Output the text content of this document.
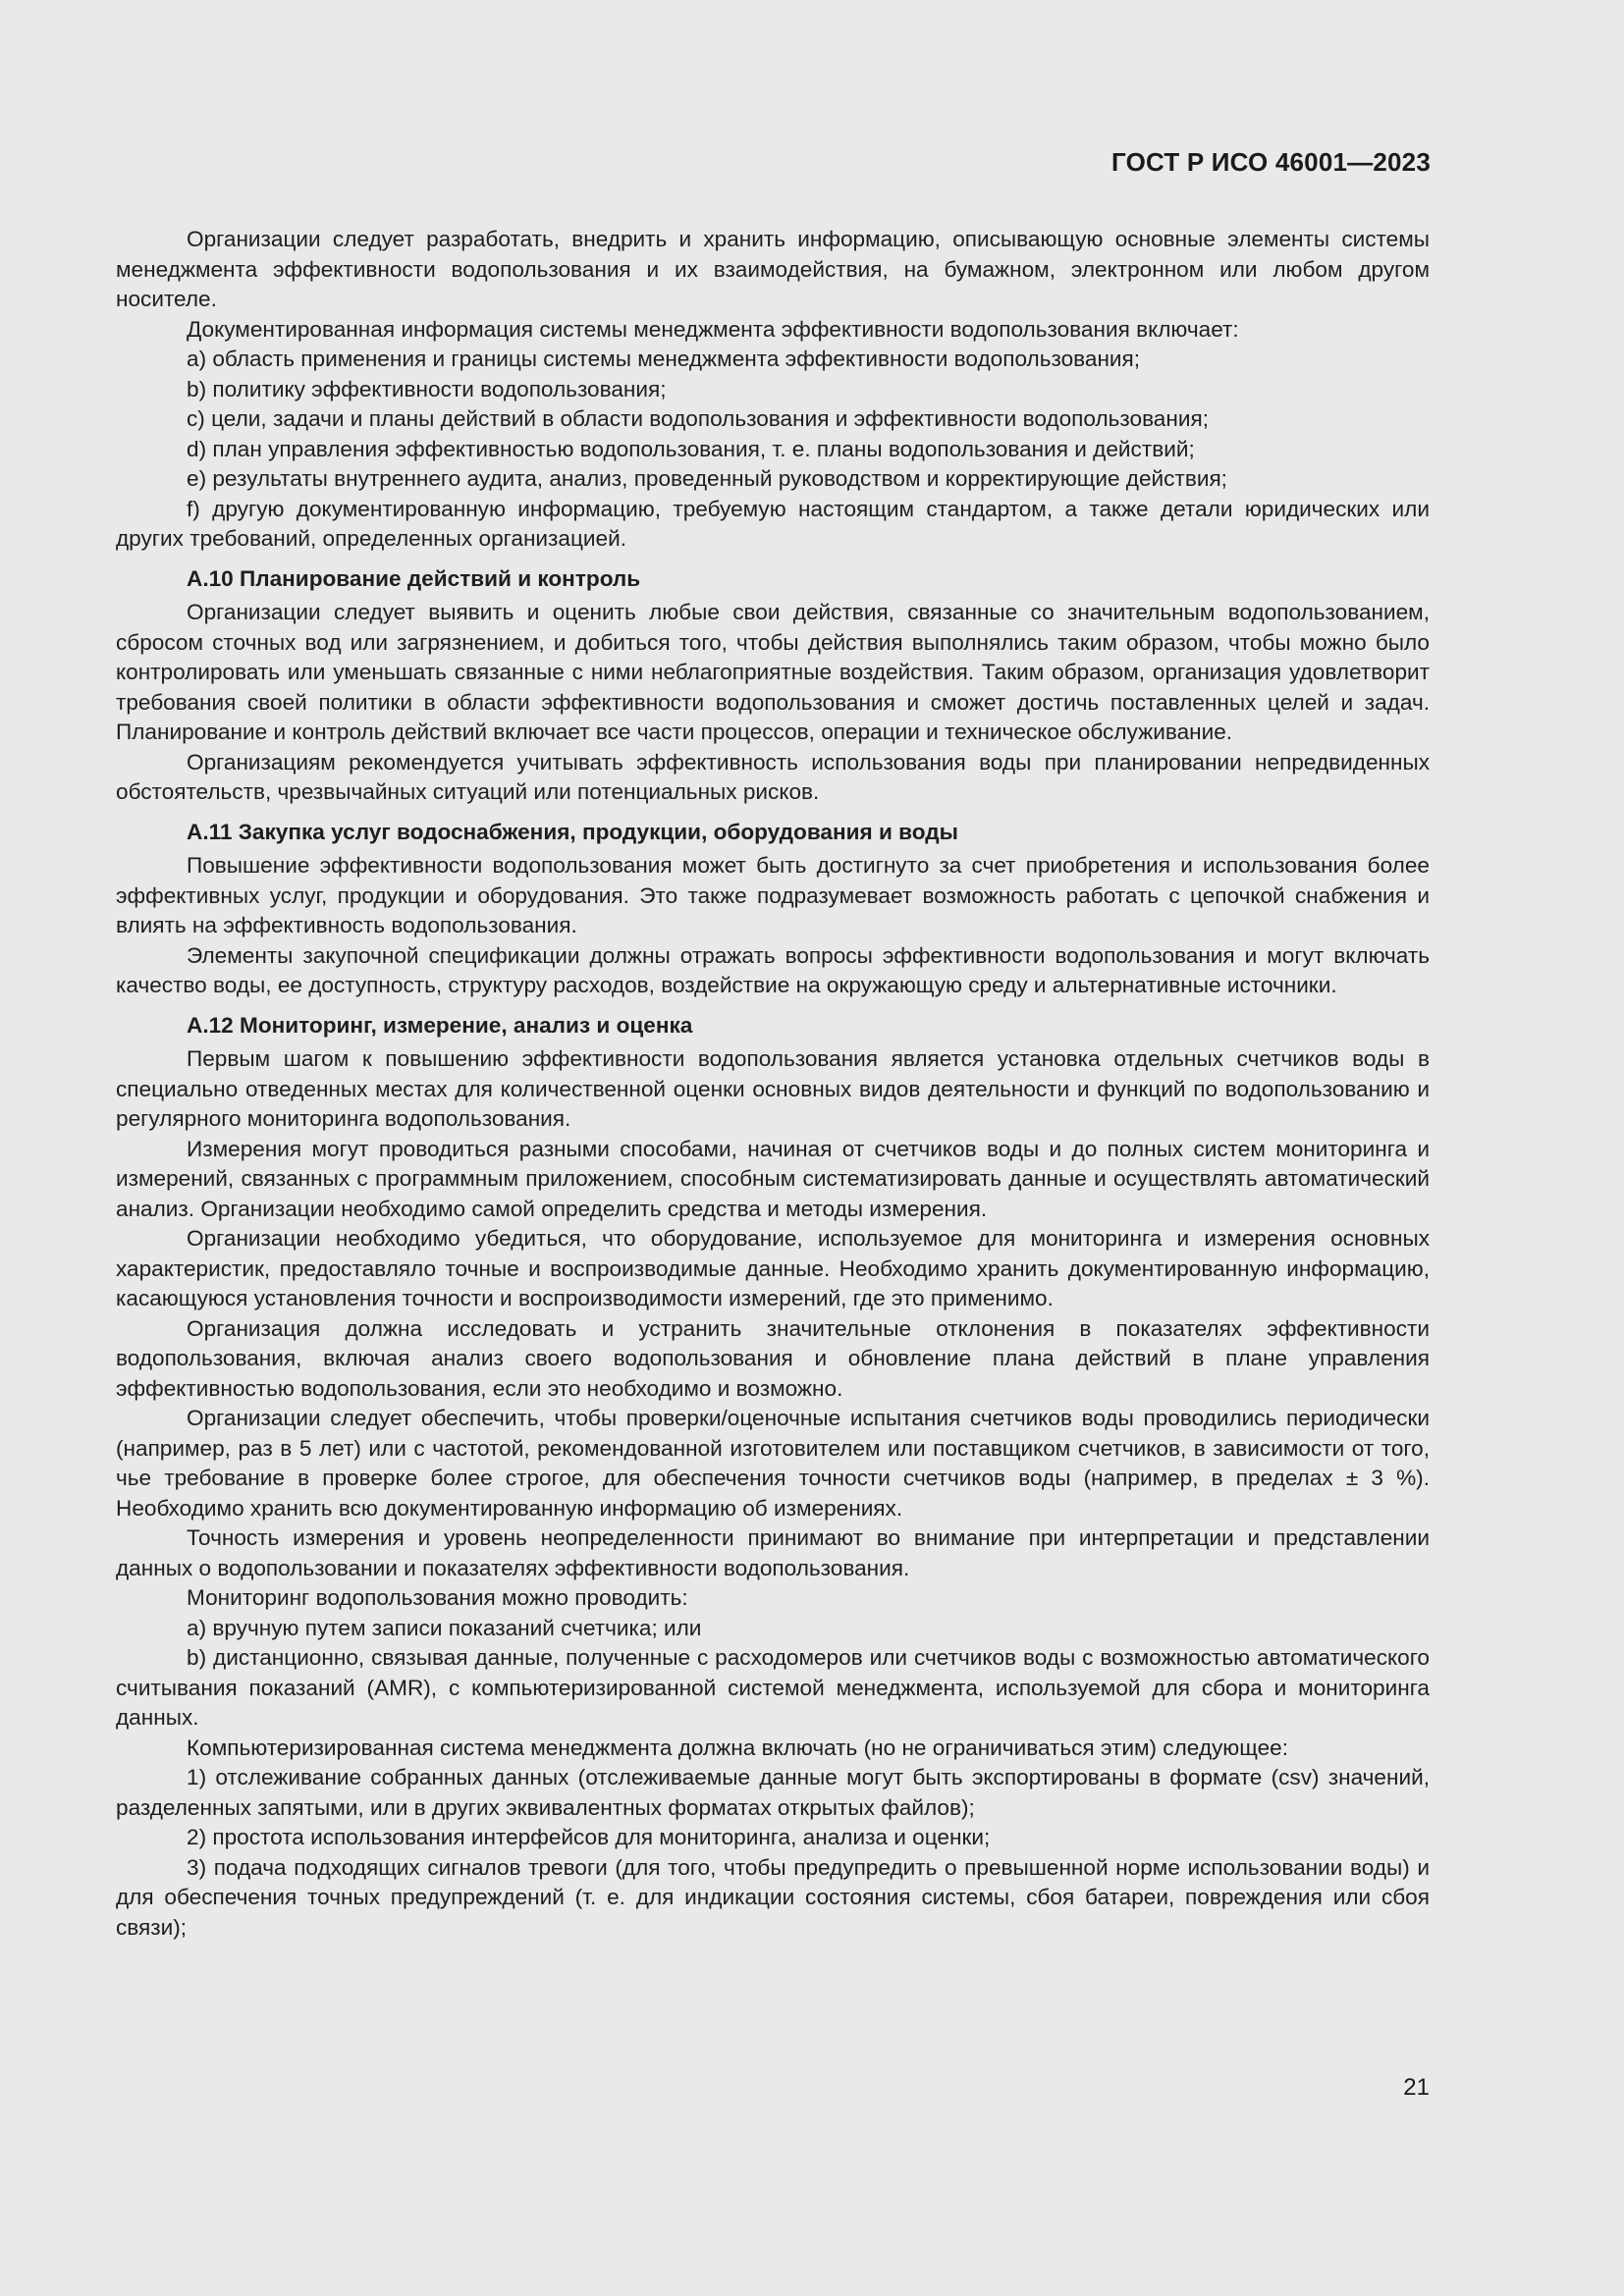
ГОСТ Р ИСО 46001—2023

Организации следует разработать, внедрить и хранить информацию, описывающую основные элементы системы менеджмента эффективности водопользования и их взаимодействия, на бумажном, электронном или любом другом носителе.

Документированная информация системы менеджмента эффективности водопользования включает:

a) область применения и границы системы менеджмента эффективности водопользования;

b) политику эффективности водопользования;

c) цели, задачи и планы действий в области водопользования и эффективности водопользования;

d) план управления эффективностью водопользования, т. е. планы водопользования и действий;

e) результаты внутреннего аудита, анализ, проведенный руководством и корректирующие действия;

f) другую документированную информацию, требуемую настоящим стандартом, а также детали юридических или других требований, определенных организацией.

А.10 Планирование действий и контроль

Организации следует выявить и оценить любые свои действия, связанные со значительным водопользованием, сбросом сточных вод или загрязнением, и добиться того, чтобы действия выполнялись таким образом, чтобы можно было контролировать или уменьшать связанные с ними неблагоприятные воздействия. Таким образом, организация удовлетворит требования своей политики в области эффективности водопользования и сможет достичь поставленных целей и задач. Планирование и контроль действий включает все части процессов, операции и техническое обслуживание.

Организациям рекомендуется учитывать эффективность использования воды при планировании непредвиденных обстоятельств, чрезвычайных ситуаций или потенциальных рисков.

А.11 Закупка услуг водоснабжения, продукции, оборудования и воды

Повышение эффективности водопользования может быть достигнуто за счет приобретения и использования более эффективных услуг, продукции и оборудования. Это также подразумевает возможность работать с цепочкой снабжения и влиять на эффективность водопользования.

Элементы закупочной спецификации должны отражать вопросы эффективности водопользования и могут включать качество воды, ее доступность, структуру расходов, воздействие на окружающую среду и альтернативные источники.

А.12 Мониторинг, измерение, анализ и оценка

Первым шагом к повышению эффективности водопользования является установка отдельных счетчиков воды в специально отведенных местах для количественной оценки основных видов деятельности и функций по водопользованию и регулярного мониторинга водопользования.

Измерения могут проводиться разными способами, начиная от счетчиков воды и до полных систем мониторинга и измерений, связанных с программным приложением, способным систематизировать данные и осуществлять автоматический анализ. Организации необходимо самой определить средства и методы измерения.

Организации необходимо убедиться, что оборудование, используемое для мониторинга и измерения основных характеристик, предоставляло точные и воспроизводимые данные. Необходимо хранить документированную информацию, касающуюся установления точности и воспроизводимости измерений, где это применимо.

Организация должна исследовать и устранить значительные отклонения в показателях эффективности водопользования, включая анализ своего водопользования и обновление плана действий в плане управления эффективностью водопользования, если это необходимо и возможно.

Организации следует обеспечить, чтобы проверки/оценочные испытания счетчиков воды проводились периодически (например, раз в 5 лет) или с частотой, рекомендованной изготовителем или поставщиком счетчиков, в зависимости от того, чье требование в проверке более строгое, для обеспечения точности счетчиков воды (например, в пределах ± 3 %). Необходимо хранить всю документированную информацию об измерениях.

Точность измерения и уровень неопределенности принимают во внимание при интерпретации и представлении данных о водопользовании и показателях эффективности водопользования.

Мониторинг водопользования можно проводить:

a) вручную путем записи показаний счетчика; или

b) дистанционно, связывая данные, полученные с расходомеров или счетчиков воды с возможностью автоматического считывания показаний (AMR), с компьютеризированной системой менеджмента, используемой для сбора и мониторинга данных.

Компьютеризированная система менеджмента должна включать (но не ограничиваться этим) следующее:

1) отслеживание собранных данных (отслеживаемые данные могут быть экспортированы в формате (csv) значений, разделенных запятыми, или в других эквивалентных форматах открытых файлов);

2) простота использования интерфейсов для мониторинга, анализа и оценки;

3) подача подходящих сигналов тревоги (для того, чтобы предупредить о превышенной норме использовании воды) и для обеспечения точных предупреждений (т. е. для индикации состояния системы, сбоя батареи, повреждения или сбоя связи);

21
